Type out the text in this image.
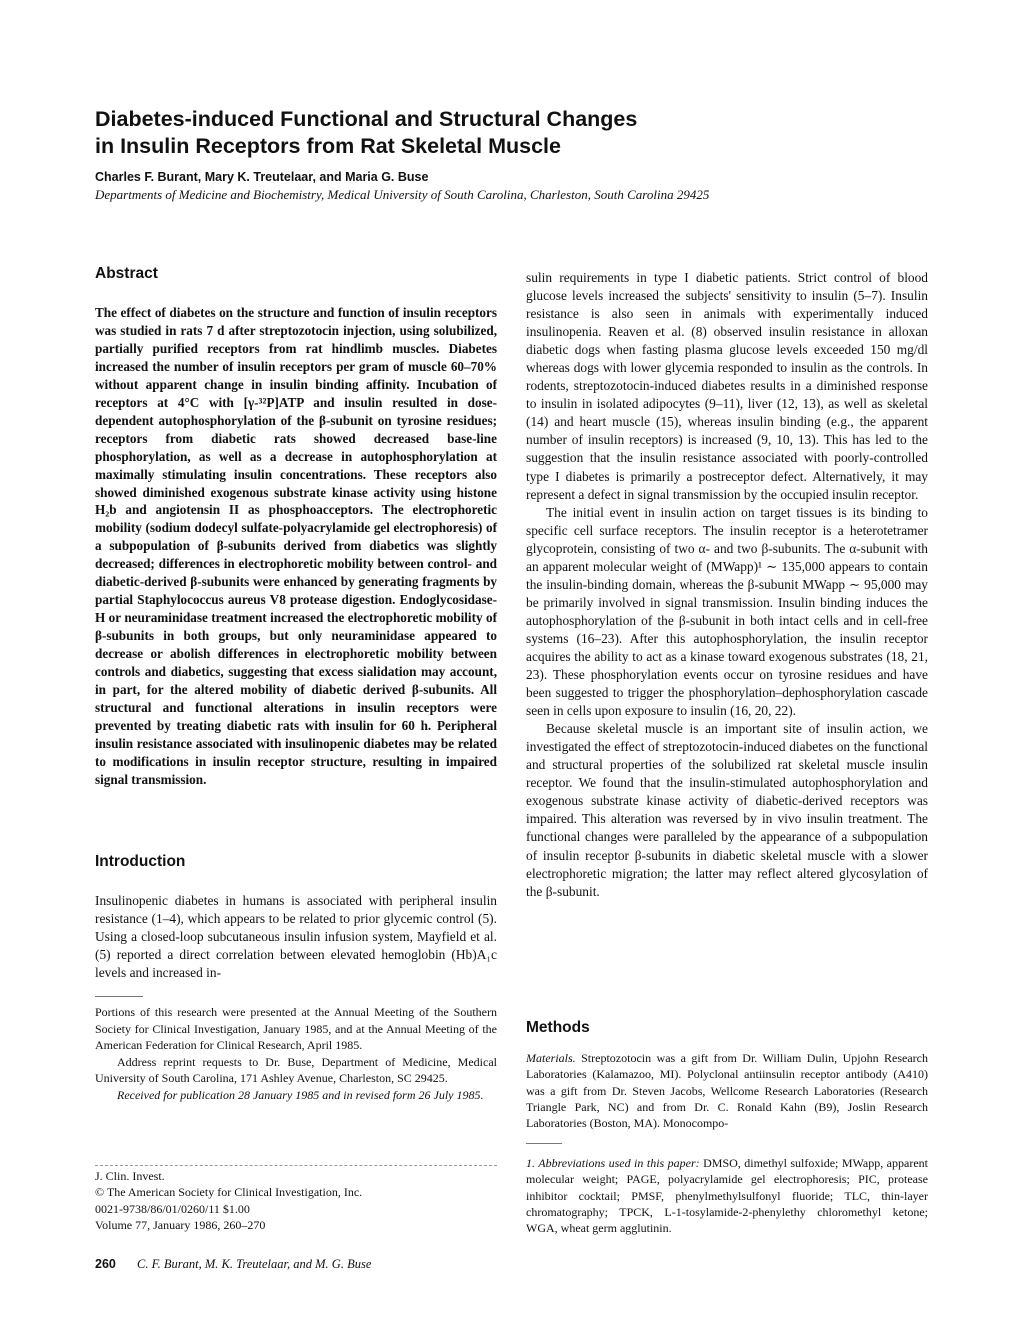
Diabetes-induced Functional and Structural Changes
in Insulin Receptors from Rat Skeletal Muscle
Charles F. Burant, Mary K. Treutelaar, and Maria G. Buse
Departments of Medicine and Biochemistry, Medical University of South Carolina, Charleston, South Carolina 29425
Abstract

The effect of diabetes on the structure and function of insulin receptors was studied in rats 7 d after streptozotocin injection, using solubilized, partially purified receptors from rat hindlimb muscles. Diabetes increased the number of insulin receptors per gram of muscle 60–70% without apparent change in insulin binding affinity. Incubation of receptors at 4°C with [γ-³²P]ATP and insulin resulted in dose-dependent autophosphorylation of the β-subunit on tyrosine residues; receptors from diabetic rats showed decreased base-line phosphorylation, as well as a decrease in autophosphorylation at maximally stimulating insulin concentrations. These receptors also showed diminished exogenous substrate kinase activity using histone H₂b and angiotensin II as phosphoacceptors. The electrophoretic mobility (sodium dodecyl sulfate-polyacrylamide gel electrophoresis) of a subpopulation of β-subunits derived from diabetics was slightly decreased; differences in electrophoretic mobility between control- and diabetic-derived β-subunits were enhanced by generating fragments by partial Staphylococcus aureus V8 protease digestion. Endoglycosidase-H or neuraminidase treatment increased the electrophoretic mobility of β-subunits in both groups, but only neuraminidase appeared to decrease or abolish differences in electrophoretic mobility between controls and diabetics, suggesting that excess sialidation may account, in part, for the altered mobility of diabetic derived β-subunits. All structural and functional alterations in insulin receptors were prevented by treating diabetic rats with insulin for 60 h. Peripheral insulin resistance associated with insulinopenic diabetes may be related to modifications in insulin receptor structure, resulting in impaired signal transmission.

Introduction

Insulinopenic diabetes in humans is associated with peripheral insulin resistance (1–4), which appears to be related to prior glycemic control (5). Using a closed-loop subcutaneous insulin infusion system, Mayfield et al. (5) reported a direct correlation between elevated hemoglobin (Hb)A₁c levels and increased in-

Portions of this research were presented at the Annual Meeting of the Southern Society for Clinical Investigation, January 1985, and at the Annual Meeting of the American Federation for Clinical Research, April 1985.

Address reprint requests to Dr. Buse, Department of Medicine, Medical University of South Carolina, 171 Ashley Avenue, Charleston, SC 29425.

Received for publication 28 January 1985 and in revised form 26 July 1985.

J. Clin. Invest.
© The American Society for Clinical Investigation, Inc.
0021-9738/86/01/0260/11 $1.00
Volume 77, January 1986, 260–270

sulin requirements in type I diabetic patients. Strict control of blood glucose levels increased the subjects' sensitivity to insulin (5–7). Insulin resistance is also seen in animals with experimentally induced insulinopenia. Reaven et al. (8) observed insulin resistance in alloxan diabetic dogs when fasting plasma glucose levels exceeded 150 mg/dl whereas dogs with lower glycemia responded to insulin as the controls. In rodents, streptozotocin-induced diabetes results in a diminished response to insulin in isolated adipocytes (9–11), liver (12, 13), as well as skeletal (14) and heart muscle (15), whereas insulin binding (e.g., the apparent number of insulin receptors) is increased (9, 10, 13). This has led to the suggestion that the insulin resistance associated with poorly-controlled type I diabetes is primarily a postreceptor defect. Alternatively, it may represent a defect in signal transmission by the occupied insulin receptor.

The initial event in insulin action on target tissues is its binding to specific cell surface receptors. The insulin receptor is a heterotetramer glycoprotein, consisting of two α- and two β-subunits. The α-subunit with an apparent molecular weight of (MWapp)¹ ∼ 135,000 appears to contain the insulin-binding domain, whereas the β-subunit MWapp ∼ 95,000 may be primarily involved in signal transmission. Insulin binding induces the autophosphorylation of the β-subunit in both intact cells and in cell-free systems (16–23). After this autophosphorylation, the insulin receptor acquires the ability to act as a kinase toward exogenous substrates (18, 21, 23). These phosphorylation events occur on tyrosine residues and have been suggested to trigger the phosphorylation–dephosphorylation cascade seen in cells upon exposure to insulin (16, 20, 22).

Because skeletal muscle is an important site of insulin action, we investigated the effect of streptozotocin-induced diabetes on the functional and structural properties of the solubilized rat skeletal muscle insulin receptor. We found that the insulin-stimulated autophosphorylation and exogenous substrate kinase activity of diabetic-derived receptors was impaired. This alteration was reversed by in vivo insulin treatment. The functional changes were paralleled by the appearance of a subpopulation of insulin receptor β-subunits in diabetic skeletal muscle with a slower electrophoretic migration; the latter may reflect altered glycosylation of the β-subunit.

Methods

Materials. Streptozotocin was a gift from Dr. William Dulin, Upjohn Research Laboratories (Kalamazoo, MI). Polyclonal antiinsulin receptor antibody (A410) was a gift from Dr. Steven Jacobs, Wellcome Research Laboratories (Research Triangle Park, NC) and from Dr. C. Ronald Kahn (B9), Joslin Research Laboratories (Boston, MA). Monocompo-

1. Abbreviations used in this paper: DMSO, dimethyl sulfoxide; MWapp, apparent molecular weight; PAGE, polyacrylamide gel electrophoresis; PIC, protease inhibitor cocktail; PMSF, phenylmethylsulfonyl fluoride; TLC, thin-layer chromatography; TPCK, L-1-tosylamide-2-phenylethy chloromethyl ketone; WGA, wheat germ agglutinin.
260 C. F. Burant, M. K. Treutelaar, and M. G. Buse
